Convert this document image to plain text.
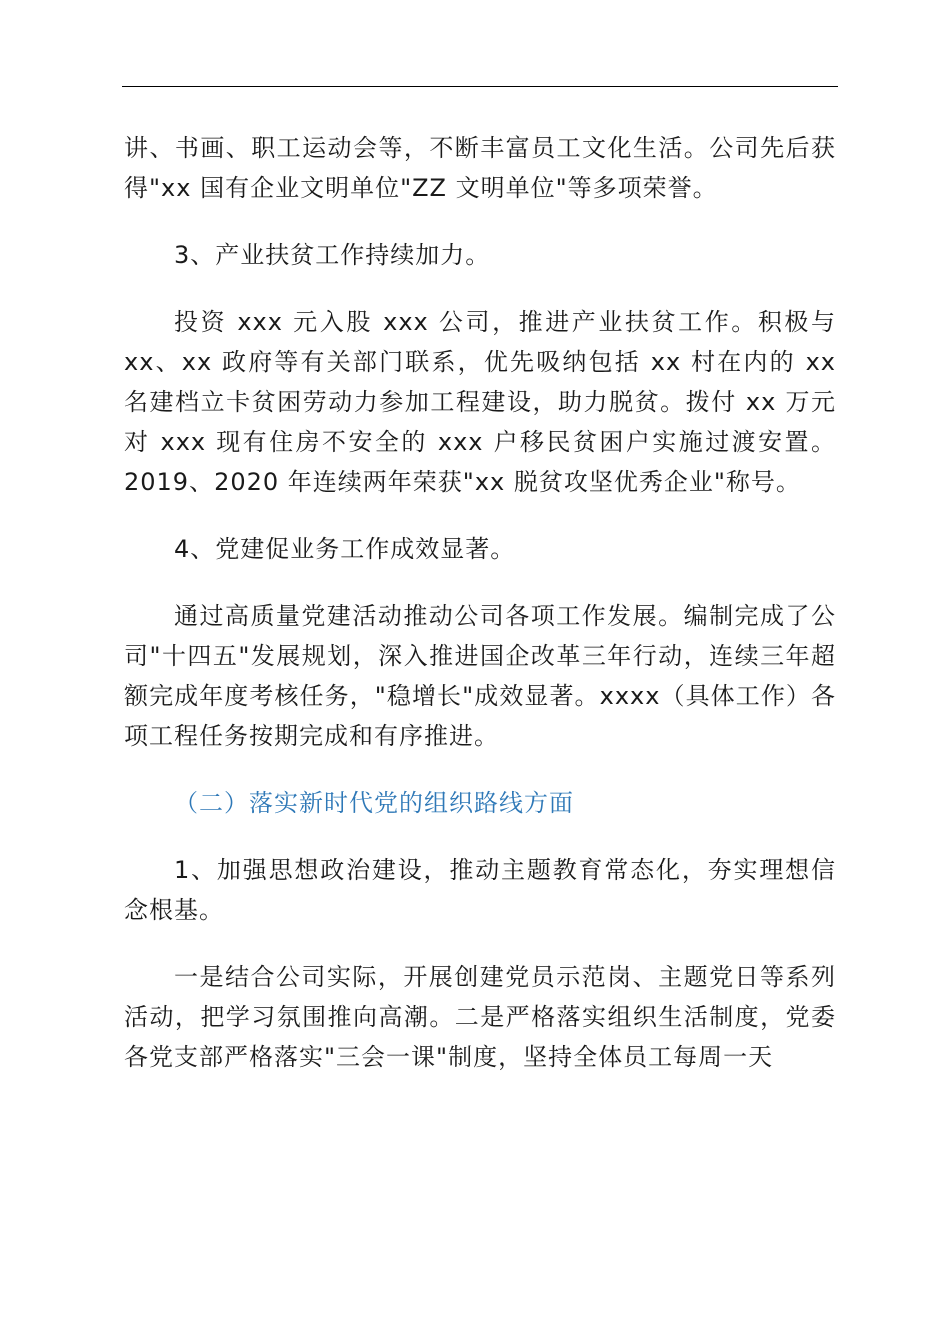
讲、书画、职工运动会等，不断丰富员工文化生活。公司先后获得"xx 国有企业文明单位"ZZ 文明单位"等多项荣誉。

3、产业扶贫工作持续加力。

投资 xxx 元入股 xxx 公司，推进产业扶贫工作。积极与 xx、xx 政府等有关部门联系，优先吸纳包括 xx 村在内的 xx 名建档立卡贫困劳动力参加工程建设，助力脱贫。拨付 xx 万元对 xxx 现有住房不安全的 xxx 户移民贫困户实施过渡安置。2019、2020 年连续两年荣获"xx 脱贫攻坚优秀企业"称号。

4、党建促业务工作成效显著。

通过高质量党建活动推动公司各项工作发展。编制完成了公司"十四五"发展规划，深入推进国企改革三年行动，连续三年超额完成年度考核任务，"稳增长"成效显著。xxxx（具体工作）各项工程任务按期完成和有序推进。

（二）落实新时代党的组织路线方面

1、加强思想政治建设，推动主题教育常态化，夯实理想信念根基。

一是结合公司实际，开展创建党员示范岗、主题党日等系列活动，把学习氛围推向高潮。二是严格落实组织生活制度，党委各党支部严格落实"三会一课"制度，坚持全体员工每周一天
